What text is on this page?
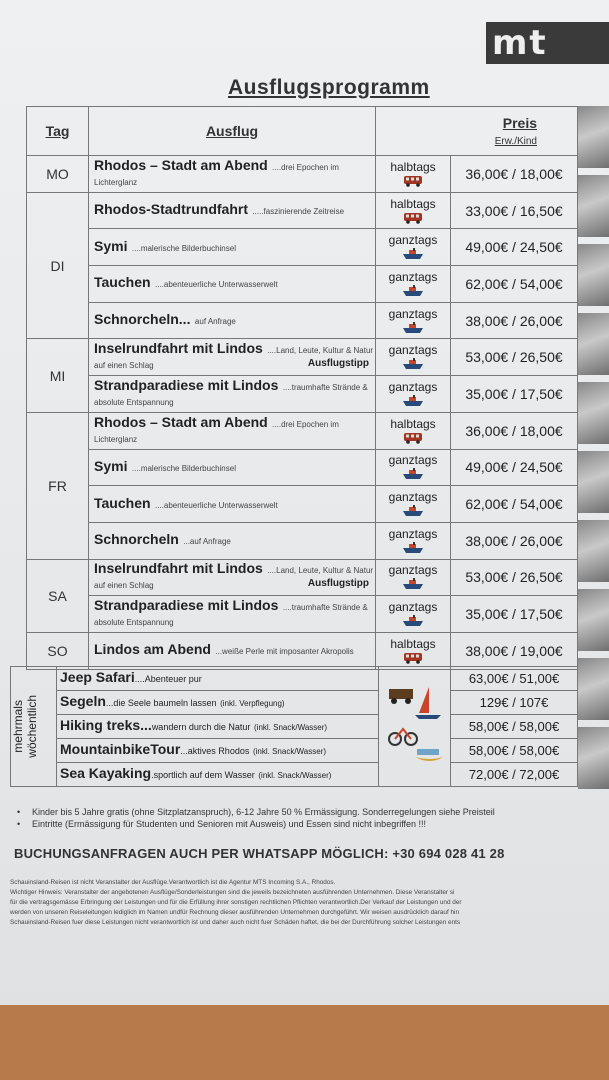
mt
Ausflugsprogramm
Tag	Ausflug	Preis
Erw./Kind	
MO	Rhodos – Stadt am Abend ....drei Epochen im Lichterglanz	halbtags	36,00€ / 18,00€
DI	Rhodos-Stadtrundfahrt .....faszinierende Zeitreise	halbtags	33,00€ / 16,50€
	Symi ....malerische Bilderbuchinsel	ganztags	49,00€ / 24,50€
	Tauchen ....abenteuerliche Unterwasserwelt	ganztags	62,00€ / 54,00€
	Schnorcheln... auf Anfrage	ganztags	38,00€ / 26,00€
MI	Inselrundfahrt mit Lindos ....Land, Leute, Kultur & Natur auf einen Schlag Ausflugstipp	ganztags	53,00€ / 26,50€
	Strandparadiese mit Lindos ....traumhafte Strände & absolute Entspannung	ganztags	35,00€ / 17,50€
FR	Rhodos – Stadt am Abend ....drei Epochen im Lichterglanz	halbtags	36,00€ / 18,00€
	Symi ....malerische Bilderbuchinsel	ganztags	49,00€ / 24,50€
	Tauchen ....abenteuerliche Unterwasserwelt	ganztags	62,00€ / 54,00€
	Schnorcheln ...auf Anfrage	ganztags	38,00€ / 26,00€
SA	Inselrundfahrt mit Lindos ....Land, Leute, Kultur & Natur auf einen Schlag Ausflugstipp	ganztags	53,00€ / 26,50€
	Strandparadiese mit Lindos ....traumhafte Strände & absolute Entspannung	ganztags	35,00€ / 17,50€
SO	Lindos am Abend ...weiße Perle mit imposanter Akropolis	halbtags	38,00€ / 19,00€
mehrmals
wöchentlich	Jeep Safari....Abenteuer pur		63,00€ / 51,00€
	Segeln...die Seele baumeln lassen (inkl. Verpflegung)		129€ / 107€
	Hiking treks...wandern durch die Natur (inkl. Snack/Wasser)		58,00€ / 58,00€
	MountainbikeTour...aktives Rhodos (inkl. Snack/Wasser)		58,00€ / 58,00€
	Sea Kayaking.sportlich auf dem Wasser (inkl. Snack/Wasser)		72,00€ / 72,00€
• Kinder bis 5 Jahre gratis (ohne Sitzplatzanspruch), 6-12 Jahre 50 % Ermässigung. Sonderregelungen siehe Preisteil
• Eintritte (Ermässigung für Studenten und Senioren mit Ausweis) und Essen sind nicht inbegriffen !!!
BUCHUNGSANFRAGEN AUCH PER WHATSAPP MÖGLICH: +30 694 028 41 28
Schauinsland-Reisen ist nicht Veranstalter der Ausflüge.Verantwortlich ist die Agentur MTS Incoming S.A., Rhodos.
Wichtiger Hinweis: Veranstalter der angebotenen Ausflüge/Sonderleistungen sind die jeweils bezeichneten ausführenden Unternehmen. Diese Veranstalter si
für die vertragsgemässe Erbringung der Leistungen und für die Erfüllung ihrer sonstigen rechtlichen Pflichten verantwortlich.Der Verkauf der Leistungen und der
werden von unseren Reiseleitungen lediglich im Namen undfür Rechnung dieser ausführenden Unternehmen durchgeführt. Wir weisen ausdrücklich darauf hin
Schauinsland-Reisen fuer diese Leistungen nicht verantwortlich ist und daher auch nicht fuer Schäden haftet, die bei der Durchführung solcher Leistungen ents
